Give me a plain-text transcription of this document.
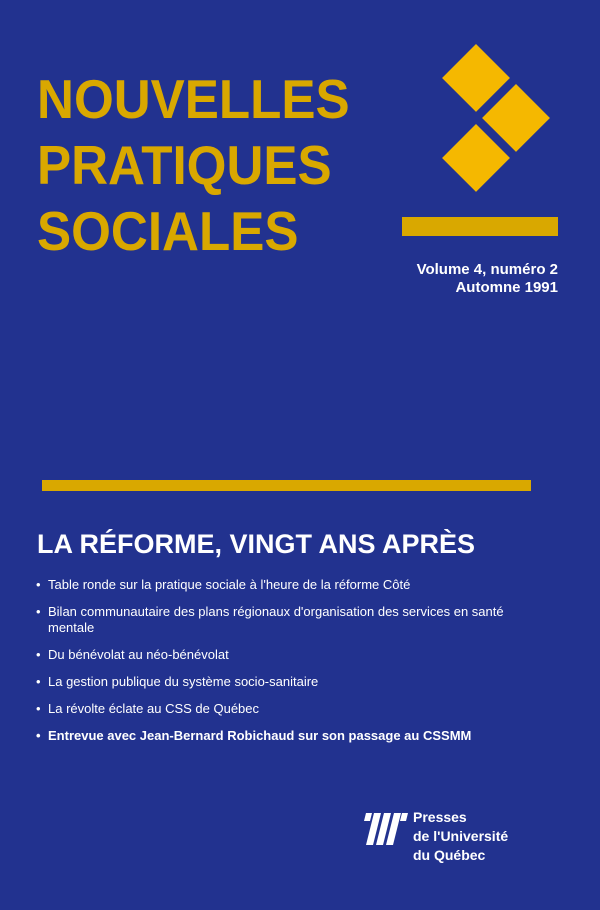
NOUVELLES
PRATIQUES
SOCIALES
Volume 4, numéro 2
Automne 1991
LA RÉFORME, VINGT ANS APRÈS
• Table ronde sur la pratique sociale à l'heure de la réforme Côté
• Bilan communautaire des plans régionaux d'organisation des services en santé mentale
• Du bénévolat au néo-bénévolat
• La gestion publique du système socio-sanitaire
• La révolte éclate au CSS de Québec
• Entrevue avec Jean-Bernard Robichaud sur son passage au CSSMM
Presses
de l'Université
du Québec
